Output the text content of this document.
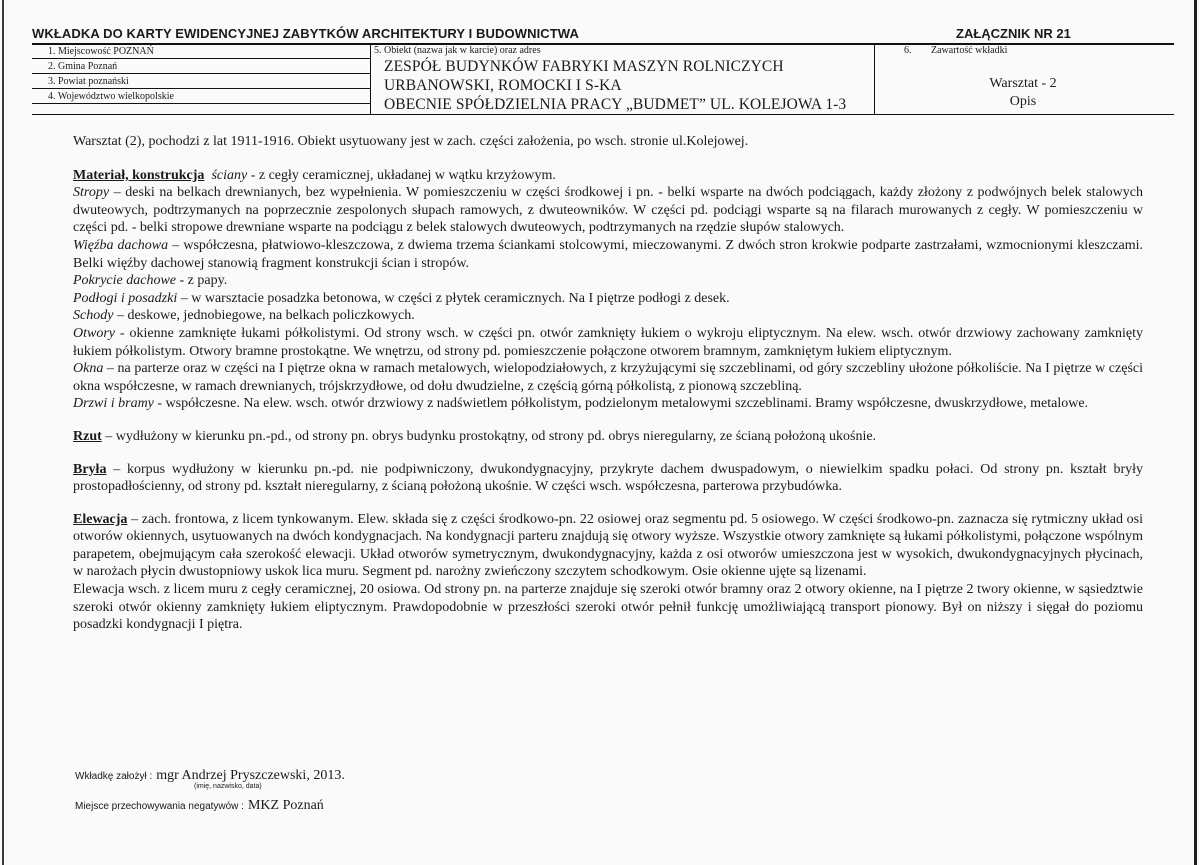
WKŁADKA DO KARTY EWIDENCYJNEJ ZABYTKÓW ARCHITEKTURY I BUDOWNICTWA	ZAŁĄCZNIK NR 21
1. Miejscowość POZNAŃ
2. Gmina Poznań
3. Powiat poznański
4. Województwo wielkopolskie
5. Obiekt (nazwa jak w karcie) oraz adres
ZESPÓŁ BUDYNKÓW FABRYKI MASZYN ROLNICZYCH
URBANOWSKI, ROMOCKI I S-KA
OBECNIE SPÓŁDZIELNIA PRACY „BUDMET” UL. KOLEJOWA 1-3
6. Zawartość wkładki
Warsztat - 2
Opis

Warsztat (2), pochodzi z lat 1911-1916. Obiekt usytuowany jest w zach. części założenia, po wsch. stronie ul.Kolejowej.

Materiał, konstrukcja ściany - z cegły ceramicznej, układanej w wątku krzyżowym.

Stropy – deski na belkach drewnianych, bez wypełnienia. W pomieszczeniu w części środkowej i pn. - belki wsparte na dwóch podciągach, każdy złożony z podwójnych belek stalowych dwuteowych, podtrzymanych na poprzecznie zespolonych słupach ramowych, z dwuteowników. W części pd. podciągi wsparte są na filarach murowanych z cegły. W pomieszczeniu w części pd. - belki stropowe drewniane wsparte na podciągu z belek stalowych dwuteowych, podtrzymanych na rzędzie słupów stalowych.

Więźba dachowa – współczesna, płatwiowo-kleszczowa, z dwiema trzema ściankami stolcowymi, mieczowanymi. Z dwóch stron krokwie podparte zastrzałami, wzmocnionymi kleszczami. Belki więźby dachowej stanowią fragment konstrukcji ścian i stropów.

Pokrycie dachowe - z papy.

Podłogi i posadzki – w warsztacie posadzka betonowa, w części z płytek ceramicznych. Na I piętrze podłogi z desek.

Schody – deskowe, jednobiegowe, na belkach policzkowych.

Otwory - okienne zamknięte łukami półkolistymi. Od strony wsch. w części pn. otwór zamknięty łukiem o wykroju eliptycznym. Na elew. wsch. otwór drzwiowy zachowany zamknięty łukiem półkolistym. Otwory bramne prostokątne. We wnętrzu, od strony pd. pomieszczenie połączone otworem bramnym, zamkniętym łukiem eliptycznym.

Okna – na parterze oraz w części na I piętrze okna w ramach metalowych, wielopodziałowych, z krzyżującymi się szczeblinami, od góry szczebliny ułożone półkoliście. Na I piętrze w części okna współczesne, w ramach drewnianych, trójskrzydłowe, od dołu dwudzielne, z częścią górną półkolistą, z pionową szczebliną.

Drzwi i bramy - współczesne. Na elew. wsch. otwór drzwiowy z nadświetlem półkolistym, podzielonym metalowymi szczeblinami. Bramy współczesne, dwuskrzydłowe, metalowe.

Rzut – wydłużony w kierunku pn.-pd., od strony pn. obrys budynku prostokątny, od strony pd. obrys nieregularny, ze ścianą położoną ukośnie.

Bryła – korpus wydłużony w kierunku pn.-pd. nie podpiwniczony, dwukondygnacyjny, przykryte dachem dwuspadowym, o niewielkim spadku połaci. Od strony pn. kształt bryły prostopadłościenny, od strony pd. kształt nieregularny, z ścianą położoną ukośnie. W części wsch. współczesna, parterowa przybudówka.

Elewacja – zach. frontowa, z licem tynkowanym. Elew. składa się z części środkowo-pn. 22 osiowej oraz segmentu pd. 5 osiowego. W części środkowo-pn. zaznacza się rytmiczny układ osi otworów okiennych, usytuowanych na dwóch kondygnacjach. Na kondygnacji parteru znajdują się otwory wyższe. Wszystkie otwory zamknięte są łukami półkolistymi, połączone wspólnym parapetem, obejmującym cała szerokość elewacji. Układ otworów symetrycznym, dwukondygnacyjny, każda z osi otworów umieszczona jest w wysokich, dwukondygnacyjnych płycinach, w narożach płycin dwustopniowy uskok lica muru. Segment pd. narożny zwieńczony szczytem schodkowym. Osie okienne ujęte są lizenami.

Elewacja wsch. z licem muru z cegły ceramicznej, 20 osiowa. Od strony pn. na parterze znajduje się szeroki otwór bramny oraz 2 otwory okienne, na I piętrze 2 twory okienne, w sąsiedztwie szeroki otwór okienny zamknięty łukiem eliptycznym. Prawdopodobnie w przeszłości szeroki otwór pełnił funkcję umożliwiającą transport pionowy. Był on niższy i sięgał do poziomu posadzki kondygnacji I piętra.

Wkładkę założył : mgr Andrzej Pryszczewski, 2013.
(imię, nazwisko, data)
Miejsce przechowywania negatywów : MKZ Poznań
